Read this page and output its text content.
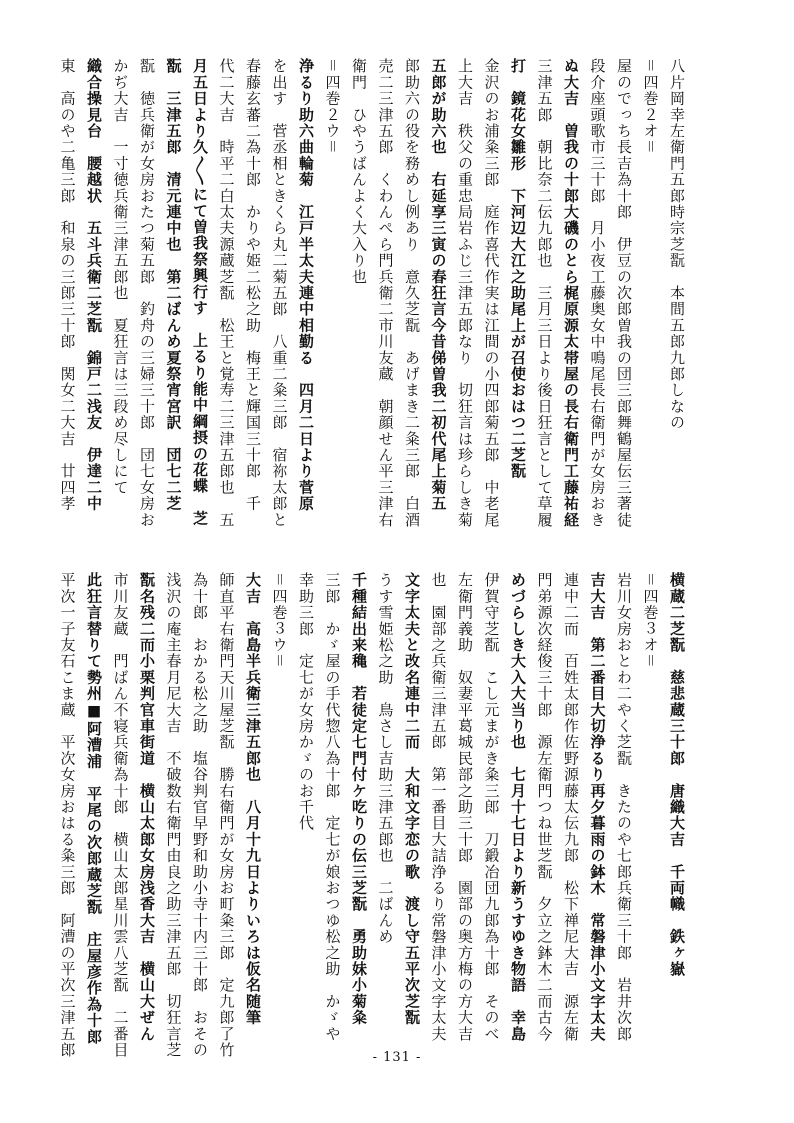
八片岡幸左衛門五郎時宗芝翫　本間五郎九郎しなの
＝四巻２オ＝
屋のでっち長吉為十郎　伊豆の次郎曽我の団三郎舞鶴屋伝三著徒
段介座頭歌市三十郎　月小夜工藤奥女中鳴尾長右衛門が女房おき
ぬ大吉　曽我の十郎大磯のとら梶原源太帯屋の長右衛門工藤祐経
三津五郎　朝比奈二伝九郎也　三月三日より後日狂言として草履
打　鏡花女雛形　下河辺大江之助尾上が召使おはつ二芝翫
金沢のお浦粂三郎　庭作喜代作実は江間の小四郎菊五郎　中老尾
上大吉　秩父の重忠局岩ふじ三津五郎なり　切狂言は珍らしき菊
五郎が助六也　右延享三寅の春狂言今昔俤曽我二初代尾上菊五
郎助六の役を務めし例あり　意久芝翫　あげまき二粂三郎　白酒
売二三津五郎　くわんぺら門兵衛二市川友蔵　朝顔せん平三津右
衛門　ひやうばんよく大入り也
＝四巻２ウ＝
浄るり助六曲輪菊　江戸半太夫連中相勤る　四月二日より菅原
を出す　菅丞相ときくら丸二菊五郎　八重二粂三郎　宿祢太郎と
春藤玄蕃二為十郎　かりや姫二松之助　梅王と輝国三十郎　千
代二大吉　時平二白太夫源蔵芝翫　松王と覚寿二三津五郎也　五
月五日より久〳〵にて曽我祭興行す　上るり能中綱摂の花蝶　芝
翫　三津五郎　清元連中也　第二ばんめ夏祭宵宮訳　団七二芝
翫　徳兵衛が女房おたつ菊五郎　釣舟の三婦三十郎　団七女房お
かぢ大吉　一寸徳兵衛三津五郎也　夏狂言は三段め尽しにて
織合操見台　腰越状　五斗兵衛二芝翫　錦戸二浅友　伊達二中
東　高のや二亀三郎　和泉の三郎三十郎　関女二大吉　廿四孝
横蔵二芝翫　慈悲蔵三十郎　唐織大吉　千両幟　鉄ヶ嶽
＝四巻３オ＝
岩川女房おとわ二やく芝翫　きたのや七郎兵衛三十郎　岩井次郎
吉大吉　第二番目大切浄るり再夕暮雨の鉢木　常磐津小文字太夫
連中二而　百姓太郎作佐野源藤太伝九郎　松下禅尼大吉　源左衛
門弟源次経俊三十郎　源左衛門つね世芝翫　夕立之鉢木二而古今
めづらしき大入大当り也　七月十七日より新うすゆき物語　幸島
伊賀守芝翫　こし元まがき粂三郎　刀鍛冶団九郎為十郎　そのべ
左衛門義助　奴妻平葛城民部之助三十郎　園部の奥方梅の方大吉
也　園部之兵衛三津五郎　第一番目大詰浄るり常磐津小文字太夫
文字太夫と改名連中二而　大和文字恋の歌　渡し守五平次芝翫
うす雪姫松之助　鳥さし吉助三津五郎也　二ばんめ
千種結出来穐　若徒定七門付ケ吃りの伝三芝翫　勇助妹小菊粂
三郎　かゞ屋の手代惣八為十郎　定七が娘おつゆ松之助　かゞや
幸助三郎　定七が女房かゞのお千代
＝四巻３ウ＝
大吉　高島半兵衛三津五郎也　八月十九日よりいろは仮名随筆
師直平右衛門天川屋芝翫　勝右衛門が女房お町粂三郎　定九郎了竹
為十郎　おかる松之助　塩谷判官早野和助小寺十内三十郎　おその
浅沢の庵主春月尼大吉　不破数右衛門由良之助三津五郎　切狂言芝
翫名残二而小栗判官車街道　横山太郎女房浅香大吉　横山大ぜん
市川友蔵　門ばん不寝兵衛為十郎　横山太郎星川雲八芝翫　二番目
此狂言替りて勢州■阿漕浦　平尾の次郎蔵芝翫　庄屋彦作為十郎
平次一子友石こま蔵　平次女房おはる粂三郎　阿漕の平次三津五郎	- 131 -
